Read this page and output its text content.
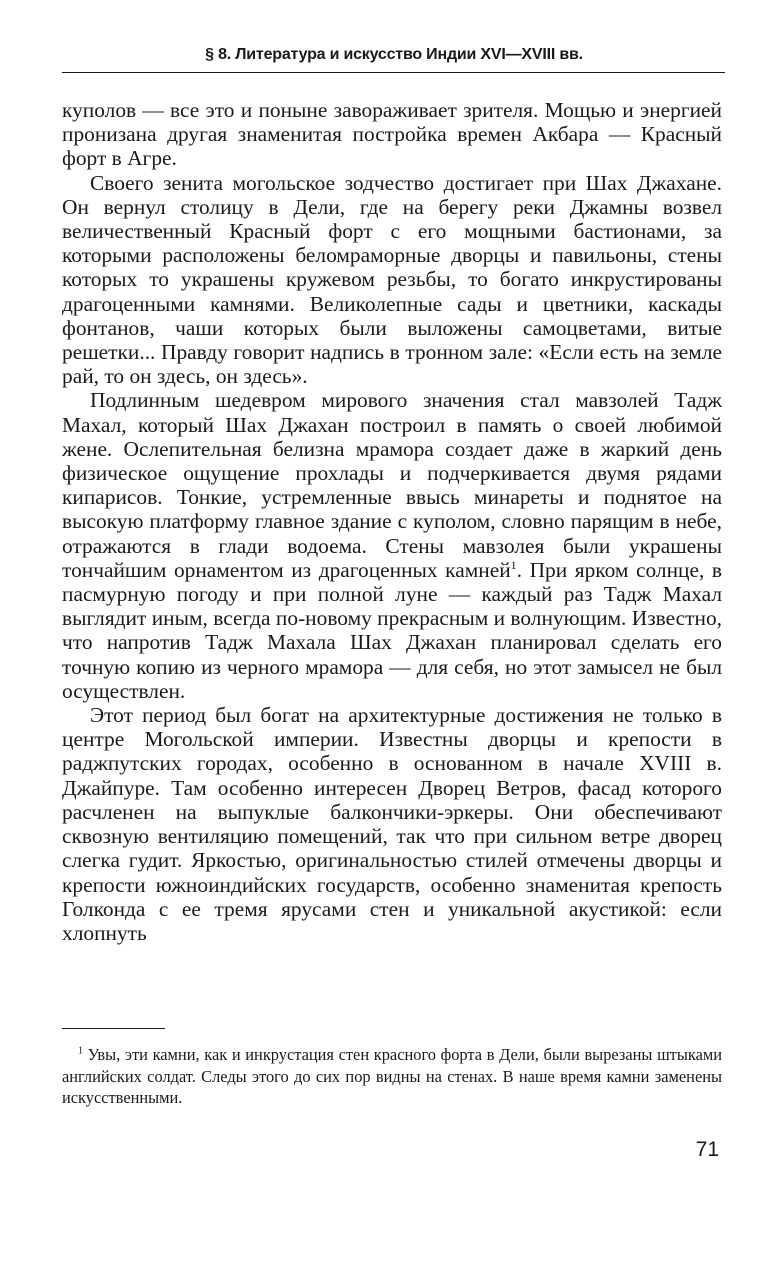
§ 8. Литература и искусство Индии XVI—XVIII вв.

куполов — все это и поныне завораживает зрителя. Мощью и энергией пронизана другая знаменитая постройка времен Акбара — Красный форт в Агре.

Своего зенита могольское зодчество достигает при Шах Джахане. Он вернул столицу в Дели, где на берегу реки Джамны возвел величественный Красный форт с его мощными бастионами, за которыми расположены беломраморные дворцы и павильоны, стены которых то украшены кружевом резьбы, то богато инкрустированы драгоценными камнями. Великолепные сады и цветники, каскады фонтанов, чаши которых были выложены самоцветами, витые решетки... Правду говорит надпись в тронном зале: «Если есть на земле рай, то он здесь, он здесь».

Подлинным шедевром мирового значения стал мавзолей Тадж Махал, который Шах Джахан построил в память о своей любимой жене. Ослепительная белизна мрамора создает даже в жаркий день физическое ощущение прохлады и подчеркивается двумя рядами кипарисов. Тонкие, устремленные ввысь минареты и поднятое на высокую платформу главное здание с куполом, словно парящим в небе, отражаются в глади водоема. Стены мавзолея были украшены тончайшим орнаментом из драгоценных камней$^1$. При ярком солнце, в пасмурную погоду и при полной луне — каждый раз Тадж Махал выглядит иным, всегда по-новому прекрасным и волнующим. Известно, что напротив Тадж Махала Шах Джахан планировал сделать его точную копию из черного мрамора — для себя, но этот замысел не был осуществлен.

Этот период был богат на архитектурные достижения не только в центре Могольской империи. Известны дворцы и крепости в раджпутских городах, особенно в основанном в начале XVIII в. Джайпуре. Там особенно интересен Дворец Ветров, фасад которого расчленен на выпуклые балкончики-эркеры. Они обеспечивают сквозную вентиляцию помещений, так что при сильном ветре дворец слегка гудит. Яркостью, оригинальностью стилей отмечены дворцы и крепости южноиндийских государств, особенно знаменитая крепость Голконда с ее тремя ярусами стен и уникальной акустикой: если хлопнуть

$^1$ Увы, эти камни, как и инкрустация стен красного форта в Дели, были вырезаны штыками английских солдат. Следы этого до сих пор видны на стенах. В наше время камни заменены искусственными.
71
